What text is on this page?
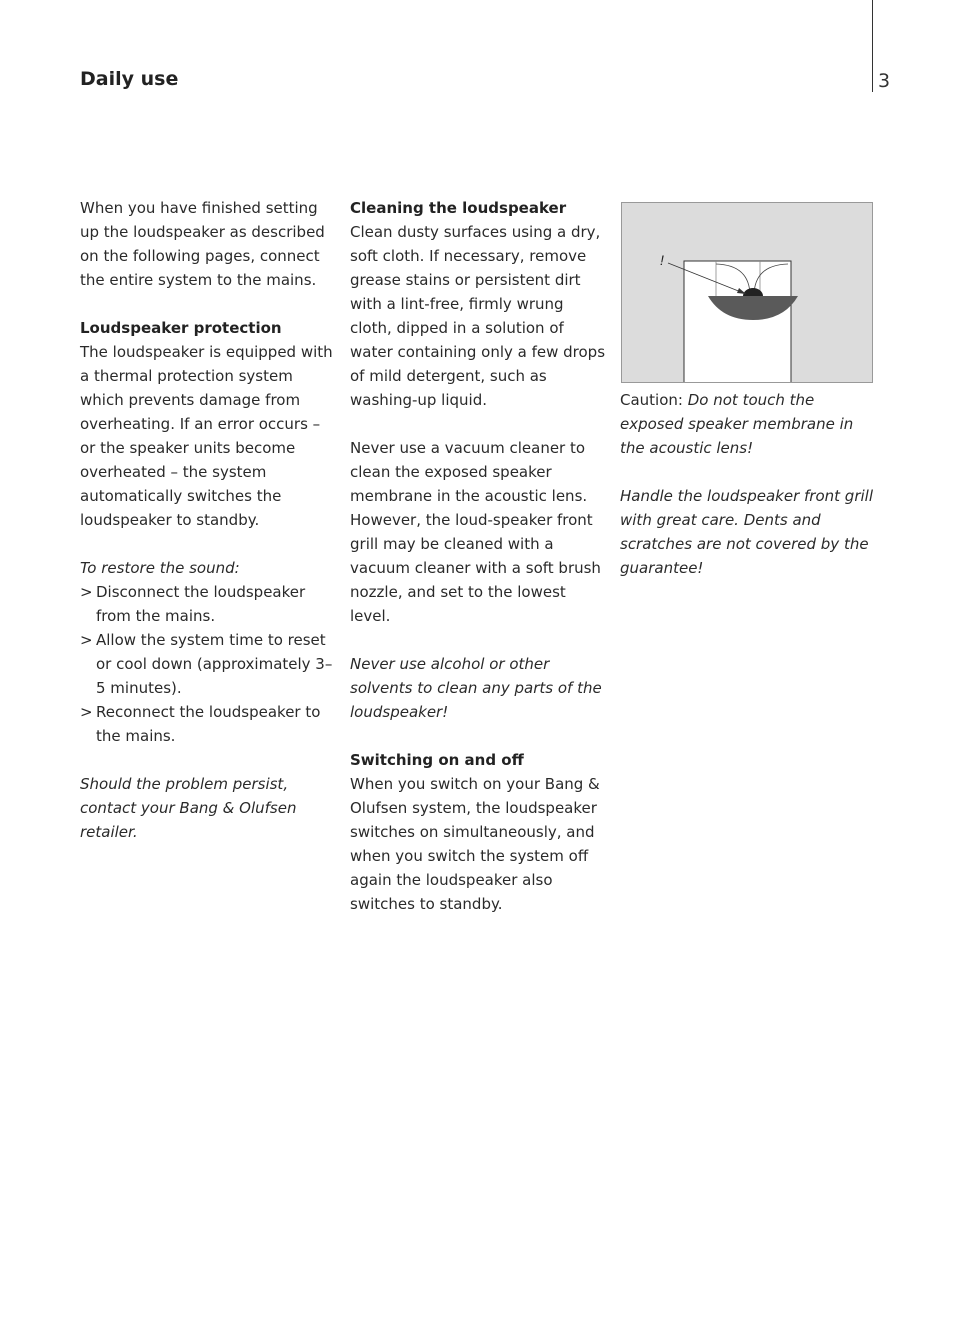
Daily use	3

When you have finished setting up the loudspeaker as described on the following pages, connect the entire system to the mains.

Loudspeaker protection

The loudspeaker is equipped with a thermal protection system which prevents damage from overheating. If an error occurs – or the speaker units become overheated – the system automatically switches the loudspeaker to standby.

To restore the sound:

> Disconnect the loudspeaker from the mains.
> Allow the system time to reset or cool down (approximately 3–5 minutes).
> Reconnect the loudspeaker to the mains.

Should the problem persist, contact your Bang & Olufsen retailer.

Cleaning the loudspeaker

Clean dusty surfaces using a dry, soft cloth. If necessary, remove grease stains or persistent dirt with a lint-free, firmly wrung cloth, dipped in a solution of water containing only a few drops of mild detergent, such as washing-up liquid.

Never use a vacuum cleaner to clean the exposed speaker membrane in the acoustic lens. However, the loud-speaker front grill may be cleaned with a vacuum cleaner with a soft brush nozzle, and set to the lowest level.

Never use alcohol or other solvents to clean any parts of the loudspeaker!

Switching on and off

When you switch on your Bang & Olufsen system, the loudspeaker switches on simultaneously, and when you switch the system off again the loudspeaker also switches to standby.

!

Caution: Do not touch the exposed speaker membrane in the acoustic lens!

Handle the loudspeaker front grill with great care. Dents and scratches are not covered by the guarantee!
